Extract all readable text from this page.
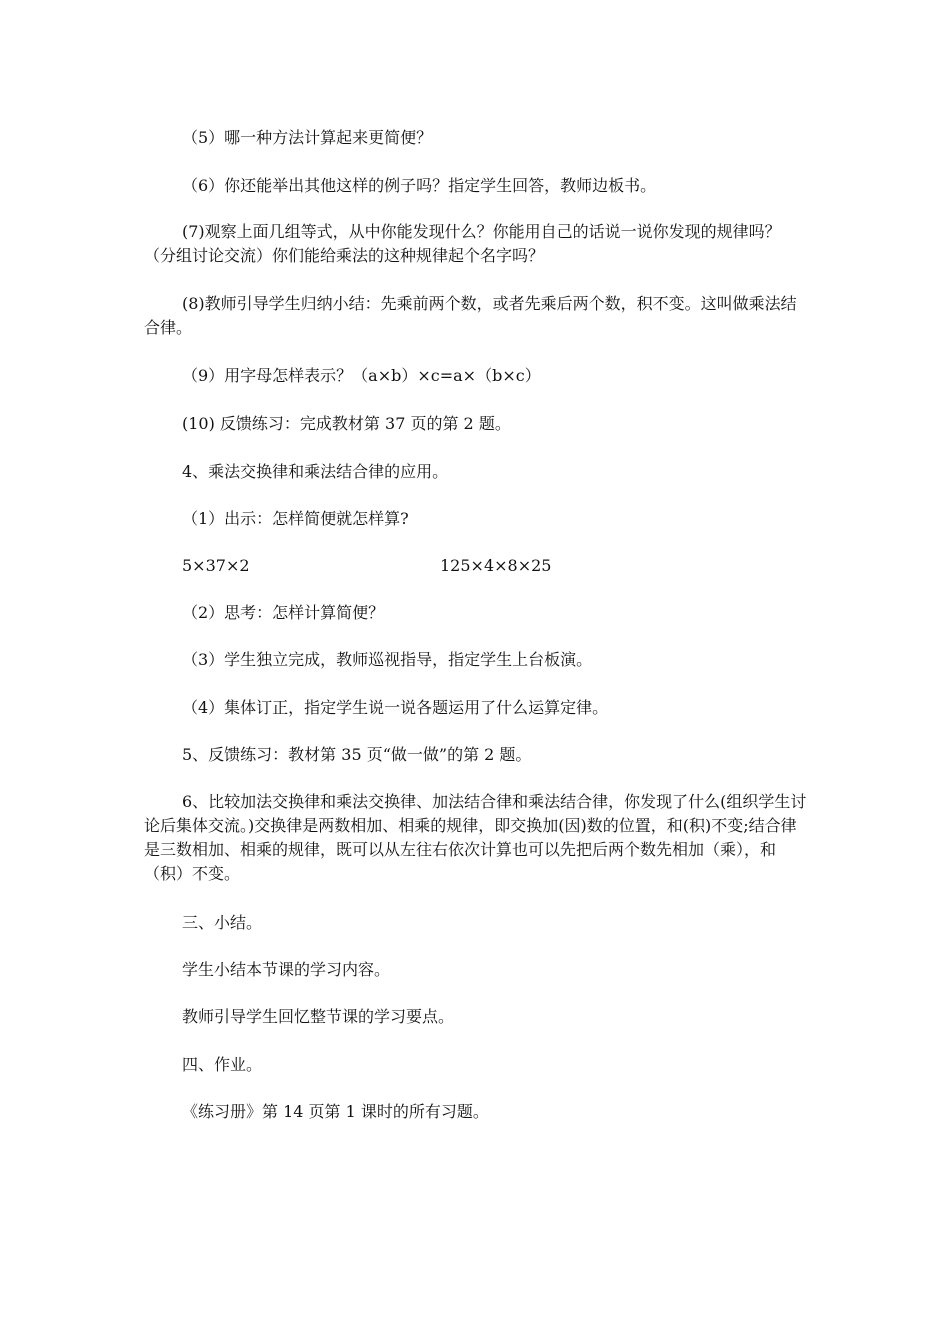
（5）哪一种方法计算起来更简便？
（6）你还能举出其他这样的例子吗？指定学生回答，教师边板书。
(7)观察上面几组等式，从中你能发现什么？你能用自己的话说一说你发现的规律吗？（分组讨论交流）你们能给乘法的这种规律起个名字吗？
(8)教师引导学生归纳小结：先乘前两个数，或者先乘后两个数，积不变。这叫做乘法结合律。
（9）用字母怎样表示？（a×b）×c=a×（b×c）
(10) 反馈练习：完成教材第 37 页的第 2 题。
4、乘法交换律和乘法结合律的应用。
（1）出示：怎样简便就怎样算?
5×37×2	125×4×8×25
（2）思考：怎样计算简便？
（3）学生独立完成，教师巡视指导，指定学生上台板演。
（4）集体订正，指定学生说一说各题运用了什么运算定律。
5、反馈练习：教材第 35 页“做一做”的第 2 题。
6、比较加法交换律和乘法交换律、加法结合律和乘法结合律，你发现了什么(组织学生讨论后集体交流。)交换律是两数相加、相乘的规律，即交换加(因)数的位置，和(积)不变;结合律是三数相加、相乘的规律，既可以从左往右依次计算也可以先把后两个数先相加（乘），和（积）不变。
三、小结。
学生小结本节课的学习内容。
教师引导学生回忆整节课的学习要点。
四、作业。
《练习册》第 14 页第 1 课时的所有习题。
